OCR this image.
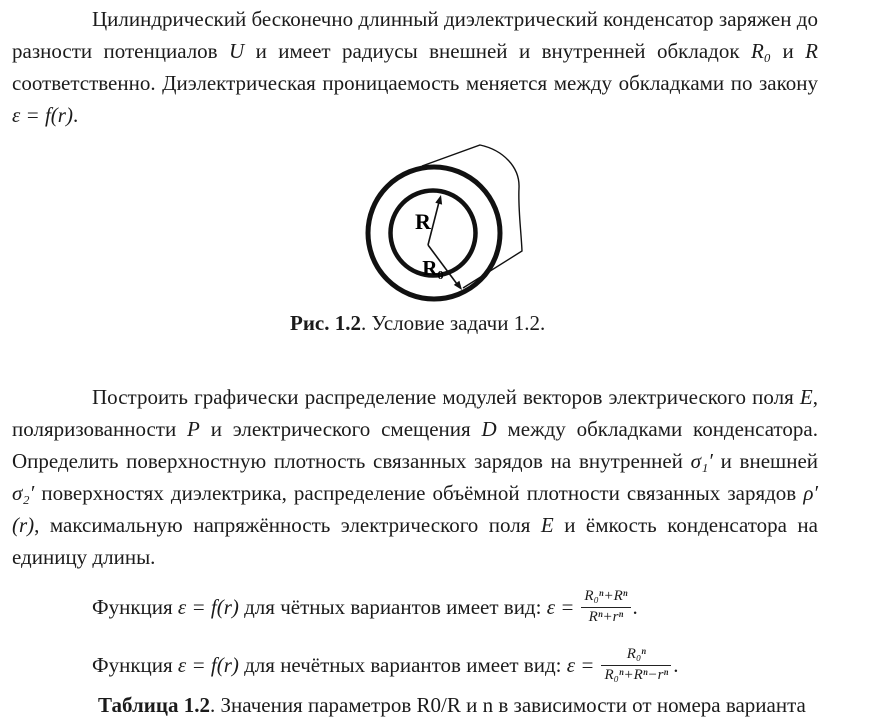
Цилиндрический бесконечно длинный диэлектрический конденсатор заряжен до разности потенциалов U и имеет радиусы внешней и внутренней обкладок R₀ и R соответственно. Диэлектрическая проницаемость меняется между обкладками по закону ε = f(r).

R
R₀
Рис. 1.2. Условие задачи 1.2.

Построить графически распределение модулей векторов электрического поля E, поляризованности P и электрического смещения D между обкладками конденсатора. Определить поверхностную плотность связанных зарядов на внутренней σ₁′ и внешней σ₂′ поверхностях диэлектрика, распределение объёмной плотности связанных зарядов ρ′(r), максимальную напряжённость электрического поля E и ёмкость конденсатора на единицу длины.

Функция ε = f(r) для чётных вариантов имеет вид: $\varepsilon = \frac{\text{R₀ⁿ+Rⁿ}}{\text{Rⁿ+rⁿ}}$ .
Функция ε = f(r) для нечётных вариантов имеет вид: $\varepsilon = \frac{\text{R₀ⁿ}}{\text{R₀ⁿ+Rⁿ−rⁿ}}$ .
Таблица 1.2. Значения параметров R0/R и n в зависимости от номера варианта
